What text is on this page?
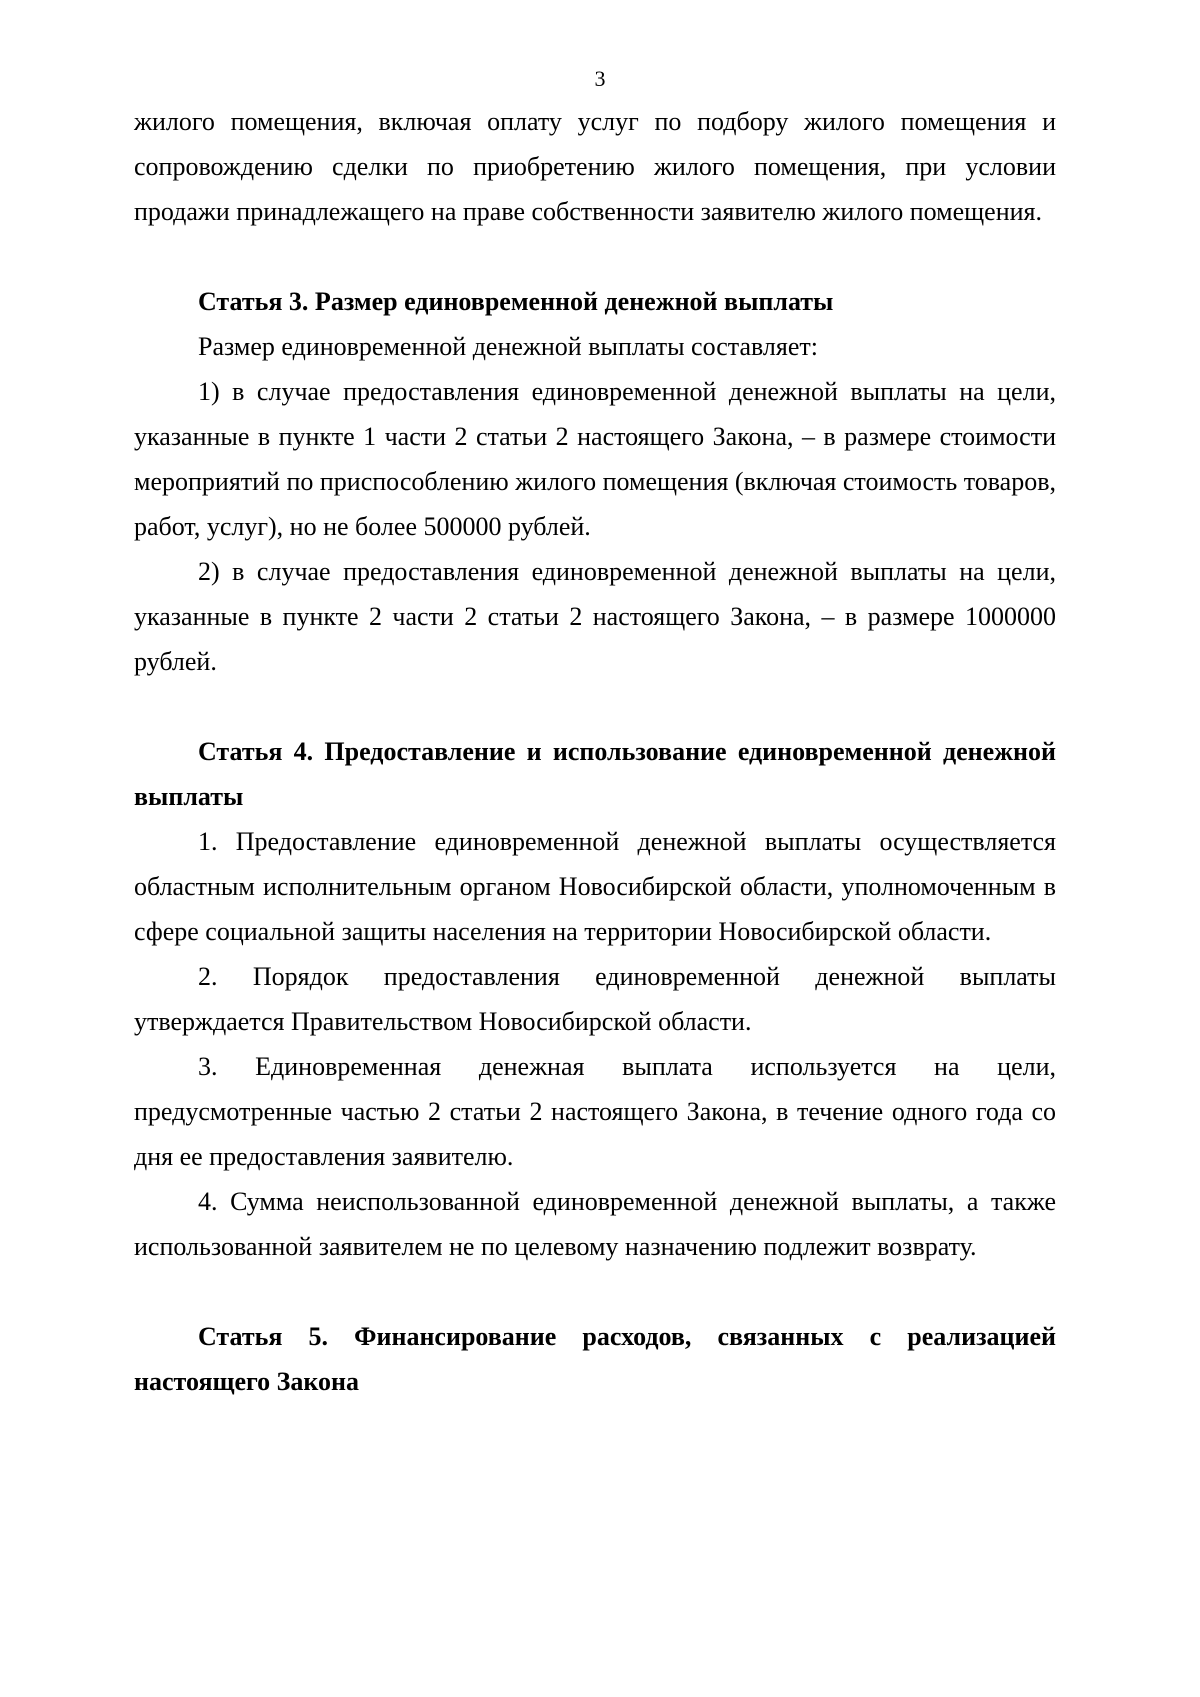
3

жилого помещения, включая оплату услуг по подбору жилого помещения и сопровождению сделки по приобретению жилого помещения, при условии продажи принадлежащего на праве собственности заявителю жилого помещения.

Статья 3. Размер единовременной денежной выплаты

Размер единовременной денежной выплаты составляет:

1) в случае предоставления единовременной денежной выплаты на цели, указанные в пункте 1 части 2 статьи 2 настоящего Закона, – в размере стоимости мероприятий по приспособлению жилого помещения (включая стоимость товаров, работ, услуг), но не более 500000 рублей.

2) в случае предоставления единовременной денежной выплаты на цели, указанные в пункте 2 части 2 статьи 2 настоящего Закона, – в размере 1000000 рублей.

Статья 4. Предоставление и использование единовременной денежной выплаты

1. Предоставление единовременной денежной выплаты осуществляется областным исполнительным органом Новосибирской области, уполномоченным в сфере социальной защиты населения на территории Новосибирской области.

2. Порядок предоставления единовременной денежной выплаты утверждается Правительством Новосибирской области.

3. Единовременная денежная выплата используется на цели, предусмотренные частью 2 статьи 2 настоящего Закона, в течение одного года со дня ее предоставления заявителю.

4. Сумма неиспользованной единовременной денежной выплаты, а также использованной заявителем не по целевому назначению подлежит возврату.

Статья 5. Финансирование расходов, связанных с реализацией настоящего Закона
